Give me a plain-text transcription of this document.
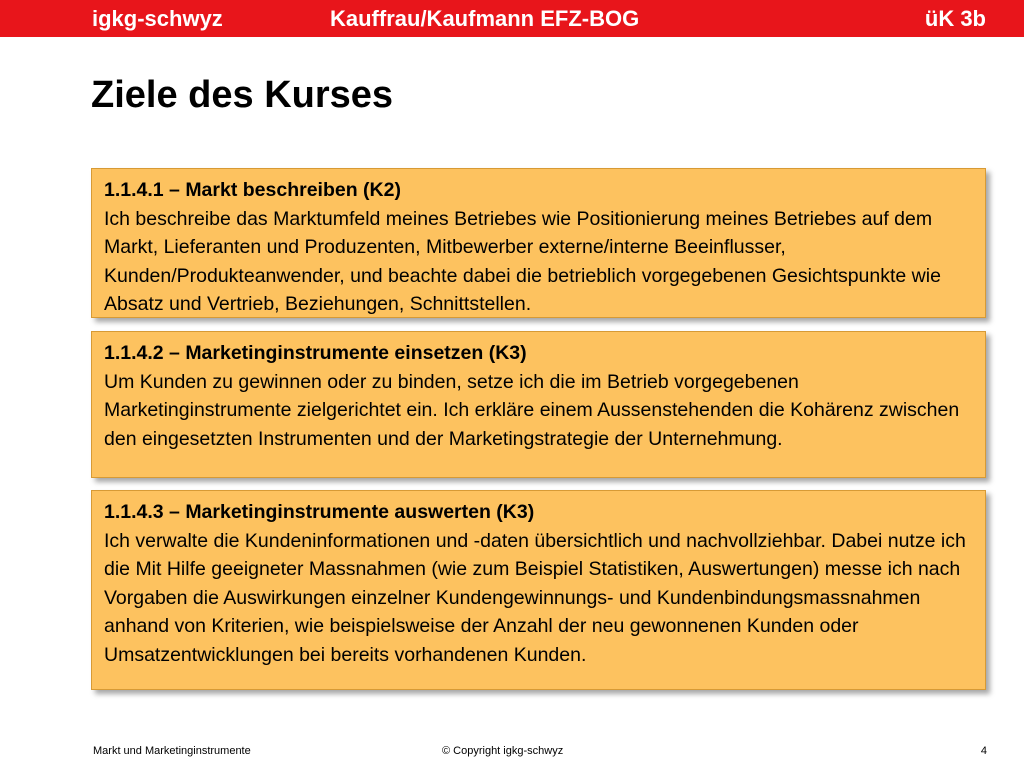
igkg-schwyz	Kauffrau/Kaufmann EFZ-BOG	üK 3b
Ziele des Kurses
1.1.4.1 – Markt beschreiben (K2)
Ich beschreibe das Marktumfeld meines Betriebes wie Positionierung meines Betriebes auf dem Markt, Lieferanten und Produzenten, Mitbewerber externe/interne Beeinflusser, Kunden/Produkteanwender, und beachte dabei die betrieblich vorgegebenen Gesichtspunkte wie Absatz und Vertrieb, Beziehungen, Schnittstellen.
1.1.4.2 – Marketinginstrumente einsetzen (K3)
Um Kunden zu gewinnen oder zu binden, setze ich die im Betrieb vorgegebenen Marketinginstrumente zielgerichtet ein. Ich erkläre einem Aussenstehenden die Kohärenz zwischen den eingesetzten Instrumenten und der Marketingstrategie der Unternehmung.
1.1.4.3 – Marketinginstrumente auswerten (K3)
Ich verwalte die Kundeninformationen und -daten übersichtlich und nachvollziehbar. Dabei nutze ich die Mit Hilfe geeigneter Massnahmen (wie zum Beispiel Statistiken, Auswertungen) messe ich nach Vorgaben die Auswirkungen einzelner Kundengewinnungs- und Kundenbindungsmassnahmen anhand von Kriterien, wie beispielsweise der Anzahl der neu gewonnenen Kunden oder Umsatzentwicklungen bei bereits vorhandenen Kunden.
Markt und Marketinginstrumente	© Copyright igkg-schwyz	4
